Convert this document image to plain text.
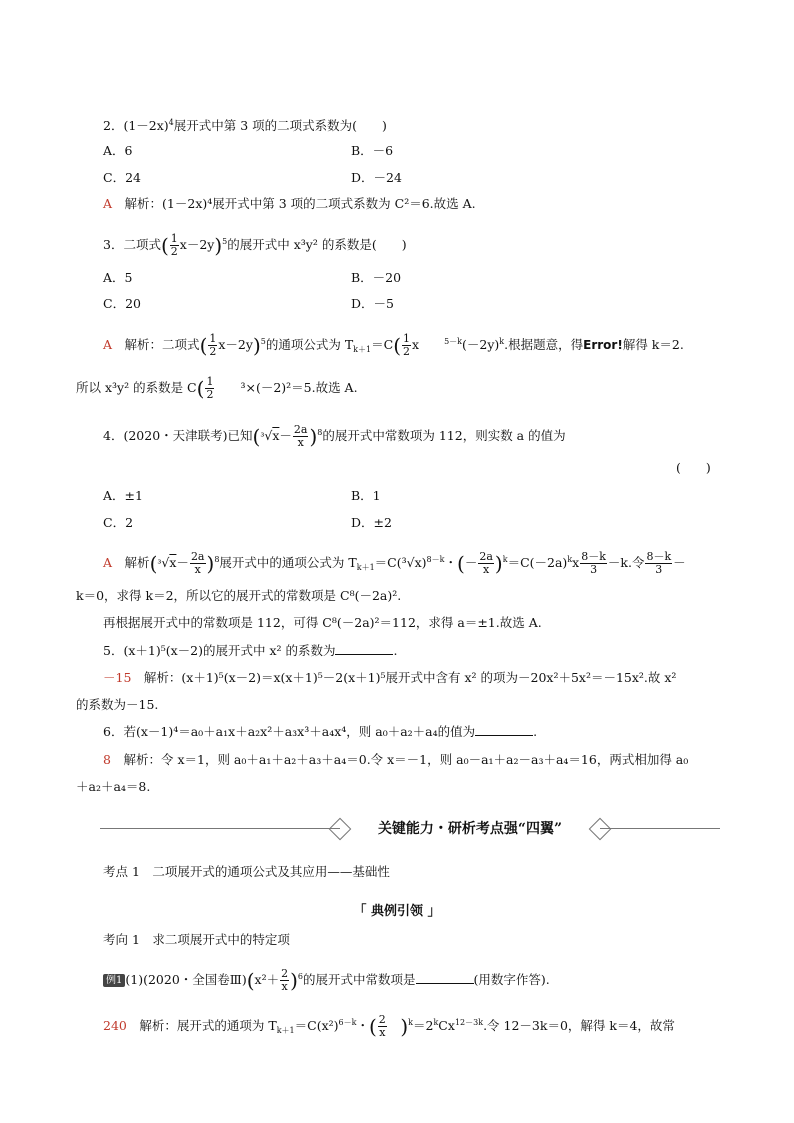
2．$(1-2x)^4$展开式中第 3 项的二项式系数为(　　)
A．6	B．－6
C．24	D．－24
A　 解析：(1－2x)⁴展开式中第 3 项的二项式系数为 C²＝6.故选 A.
3．二项式( $\frac{1}{2} x-2y)^5$的展开式中 x³y² 的系数是(　　)
A．5	B．－20
C．20	D．－5
A　 解析：二项式( $\frac{1}{2} x-2y)^5$的通项公式为 $T_{k+1}=C( \frac{1}{2}$ x　　	$^{5-k}(-2y)^k$.根据题意，得Error!解得 k＝2.
所以 x³y² 的系数是 $C( \frac{1}{2}$
　　 ³×(－2)²＝5.故选 A.
4．(2020・天津联考)已知$(^3√x- \frac{2a}{x} )^8$的展开式中常数项为 112，则实数 a 的值为
(　　)
A．±1	B．1
C．2	D．±2
A　 解析$(^3√x- \frac{2a}{x} )^8$展开式中的通项公式为 $T_{k+1}=C(^3√x)^{8-k}$・(－ $\frac{2a}{x} )^k=C(-2a)^kx \frac{8-k}{3} -k$.令 $\frac{8-k}{3}$ －
k＝0，求得 k＝2，所以它的展开式的常数项是 C⁸(－2a)².
再根据展开式中的常数项是 112，可得 C⁸(－2a)²＝112，求得 a＝±1.故选 A.
5．(x＋1)⁵(x－2)的展开式中 x² 的系数为	.
－15　 解析：(x＋1)⁵(x－2)＝x(x＋1)⁵－2(x＋1)⁵展开式中含有 x² 的项为－20x²＋5x²＝－15x².故 x²
的系数为－15.
6．若(x－1)⁴＝a₀＋a₁x＋a₂x²＋a₃x³＋a₄x⁴，则 a₀＋a₂＋a₄的值为	.
8　 解析：令 x＝1，则 a₀＋a₁＋a₂＋a₃＋a₄＝0.令 x＝－1，则 a₀－a₁＋a₂－a₃＋a₄＝16，两式相加得 a₀
＋a₂＋a₄＝8.
关键能力・研析考点强“四翼”
考点 1　二项展开式的通项公式及其应用——基础性
「 典例引领 」
考向 1　求二项展开式中的特定项
例1 (1)(2020・全国卷Ⅲ)(x²＋ $\frac{2}{x} )^6$的展开式中常数项是	(用数字作答).
240　 解析：展开式的通项为 $T_{k+1}=C(x^2)^{6-k}$・( $\frac{2}{x}$
　 )$^k=2^kCx^{12-3k}$.令 12－3k＝0，解得 k＝4，故常
